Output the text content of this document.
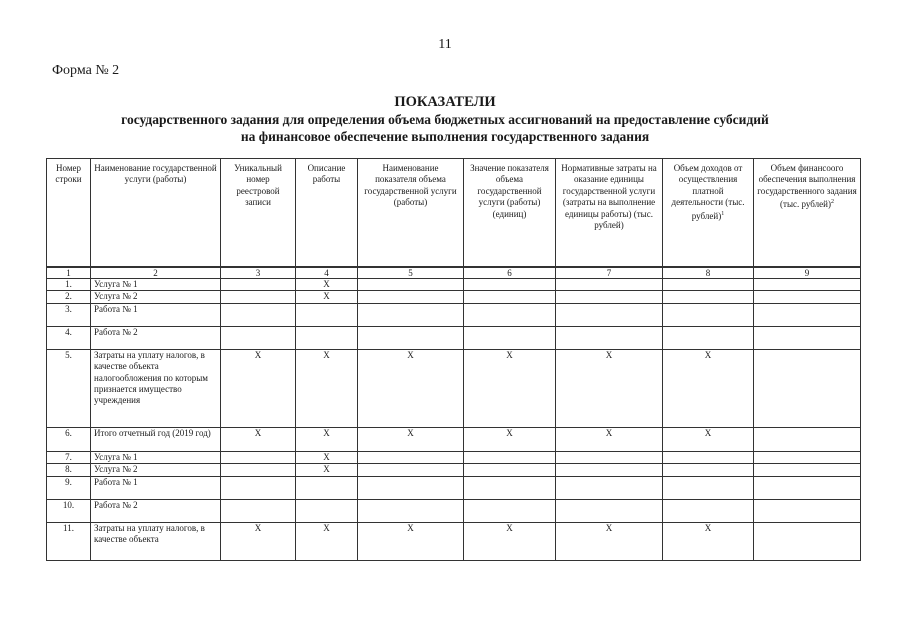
11
Форма № 2
ПОКАЗАТЕЛИ
государственного задания для определения объема бюджетных ассигнований на предоставление субсидий
на финансовое обеспечение выполнения государственного задания
Номер строки	Наименование государственной услуги (работы)	Уникальный номер реестровой записи	Описание работы	Наименование показателя объема государственной услуги (работы)	Значение показателя объема государственной услуги (работы) (единиц)	Нормативные затраты на оказание единицы государственной услуги (затраты на выполнение единицы работы) (тыс. рублей)	Объем доходов от осуществления платной деятельности (тыс. рублей)$^1$	Объем финансоого обеспечения выполнения государственного задания (тыс. рублей)$^2$
1	2	3	4	5	6	7	8	9
1.	Услуга № 1		X					
2.	Услуга № 2		X					
3.	Работа № 1							
4.	Работа № 2							
5.	Затраты на уплату налогов, в качестве объекта налогообложения по которым признается имущество учреждения	X	X	X	X	X	X	
6.	Итого отчетный год (2019 год)	X	X	X	X	X	X	
7.	Услуга № 1		X					
8.	Услуга № 2		X					
9.	Работа № 1							
10.	Работа № 2							
11.	Затраты на уплату налогов, в качестве объекта	X	X	X	X	X	X	
